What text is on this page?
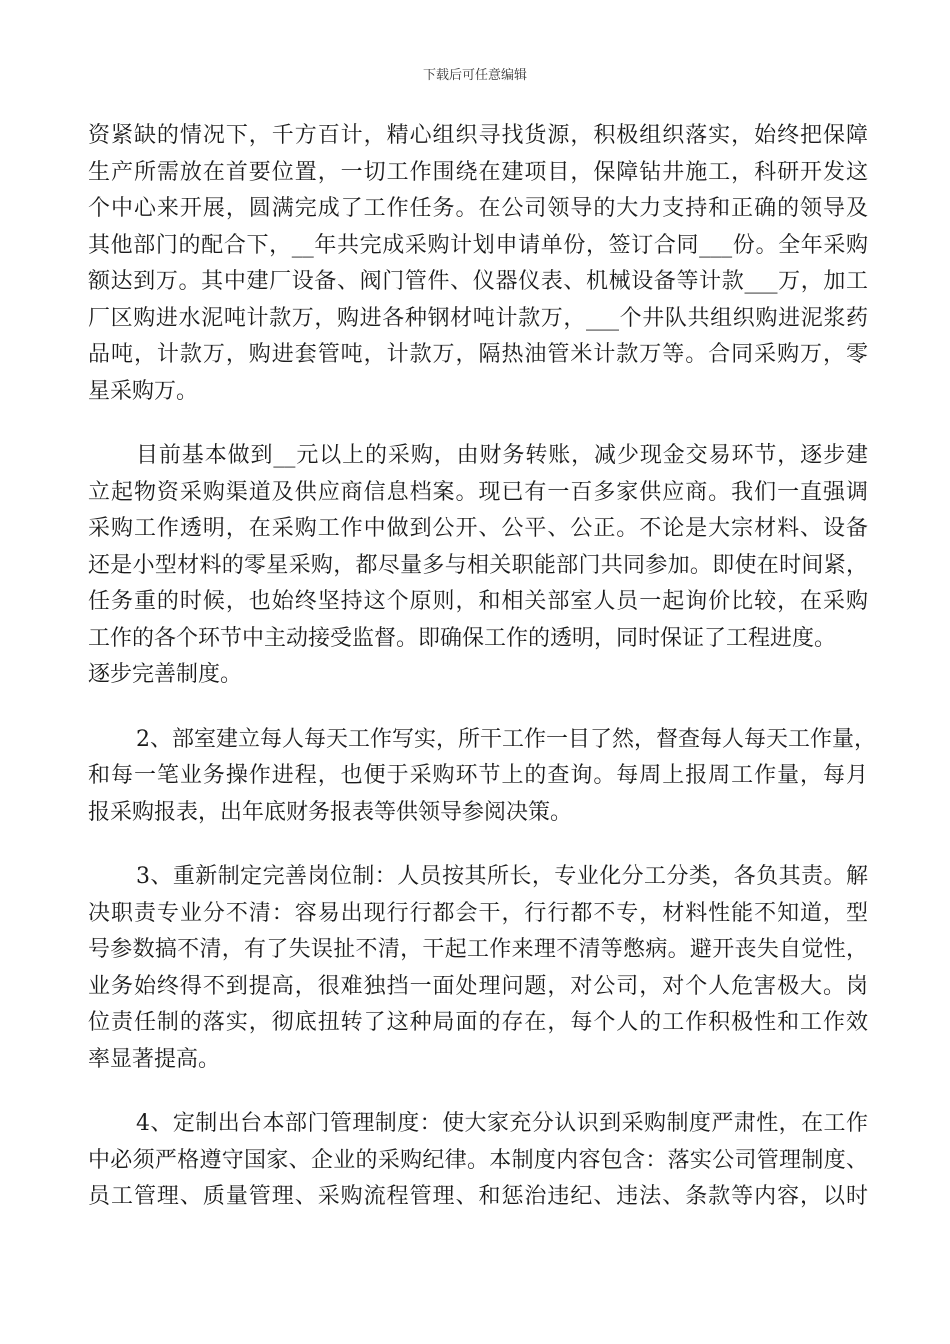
下载后可任意编辑
资紧缺的情况下，千方百计，精心组织寻找货源，积极组织落实，始终把保障
生产所需放在首要位置，一切工作围绕在建项目，保障钻井施工，科研开发这
个中心来开展，圆满完成了工作任务。在公司领导的大力支持和正确的领导及
其他部门的配合下，__年共完成采购计划申请单份，签订合同___份。全年采购
额达到万。其中建厂设备、阀门管件、仪器仪表、机械设备等计款___万，加工
厂区购进水泥吨计款万，购进各种钢材吨计款万，___个井队共组织购进泥浆药
品吨，计款万，购进套管吨，计款万，隔热油管米计款万等。合同采购万，零
星采购万。
目前基本做到__元以上的采购，由财务转账，减少现金交易环节，逐步建
立起物资采购渠道及供应商信息档案。现已有一百多家供应商。我们一直强调
采购工作透明，在采购工作中做到公开、公平、公正。不论是大宗材料、设备
还是小型材料的零星采购，都尽量多与相关职能部门共同参加。即使在时间紧，
任务重的时候，也始终坚持这个原则，和相关部室人员一起询价比较，在采购
工作的各个环节中主动接受监督。即确保工作的透明，同时保证了工程进度。
逐步完善制度。
2、部室建立每人每天工作写实，所干工作一目了然，督查每人每天工作量，
和每一笔业务操作进程，也便于采购环节上的查询。每周上报周工作量，每月
报采购报表，出年底财务报表等供领导参阅决策。
3、重新制定完善岗位制：人员按其所长，专业化分工分类，各负其责。解
决职责专业分不清：容易出现行行都会干，行行都不专，材料性能不知道，型
号参数搞不清，有了失误扯不清，干起工作来理不清等憋病。避开丧失自觉性，
业务始终得不到提高，很难独挡一面处理问题，对公司，对个人危害极大。岗
位责任制的落实，彻底扭转了这种局面的存在，每个人的工作积极性和工作效
率显著提高。
4、定制出台本部门管理制度：使大家充分认识到采购制度严肃性，在工作
中必须严格遵守国家、企业的采购纪律。本制度内容包含：落实公司管理制度、
员工管理、质量管理、采购流程管理、和惩治违纪、违法、条款等内容，以时
